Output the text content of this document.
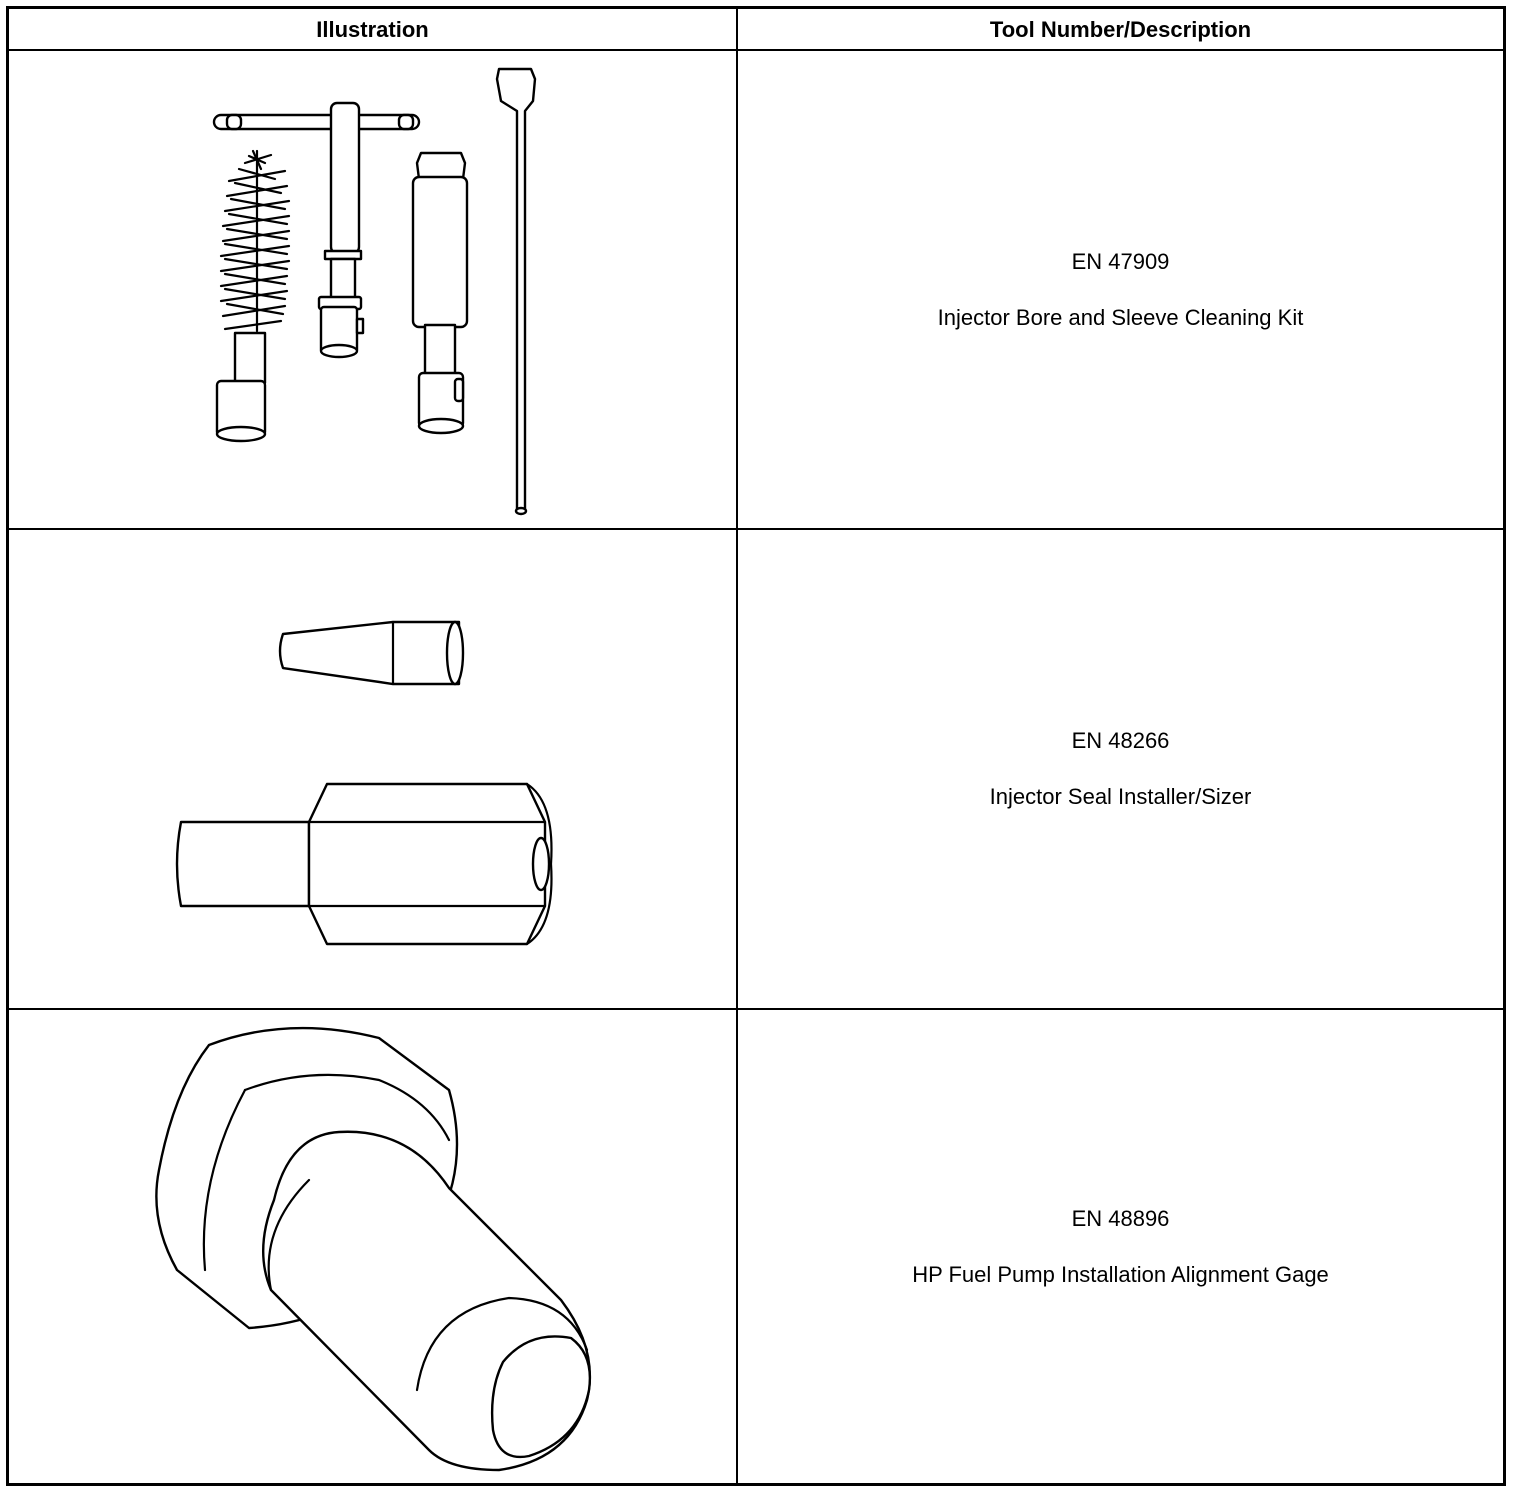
Illustration	Tool Number/Description
EN 47909
Injector Bore and Sleeve Cleaning Kit
EN 48266
Injector Seal Installer/Sizer
EN 48896
HP Fuel Pump Installation Alignment Gage
